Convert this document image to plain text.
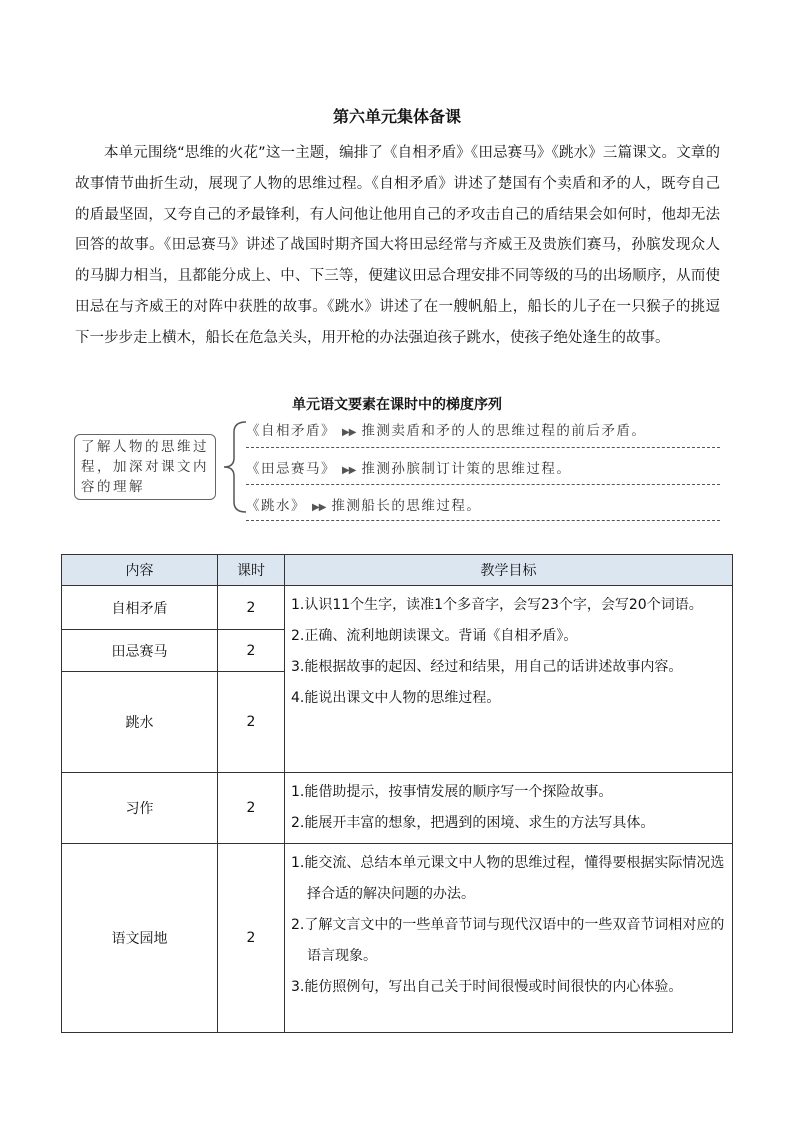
第六单元集体备课

本单元围绕“思维的火花”这一主题，编排了《自相矛盾》《田忌赛马》《跳水》三篇课文。文章的故事情节曲折生动，展现了人物的思维过程。《自相矛盾》讲述了楚国有个卖盾和矛的人，既夸自己的盾最坚固，又夸自己的矛最锋利，有人问他让他用自己的矛攻击自己的盾结果会如何时，他却无法回答的故事。《田忌赛马》讲述了战国时期齐国大将田忌经常与齐威王及贵族们赛马，孙膑发现众人的马脚力相当，且都能分成上、中、下三等，便建议田忌合理安排不同等级的马的出场顺序，从而使田忌在与齐威王的对阵中获胜的故事。《跳水》讲述了在一艘帆船上，船长的儿子在一只猴子的挑逗下一步步走上横木，船长在危急关头，用开枪的办法强迫孩子跳水，使孩子绝处逢生的故事。

单元语文要素在课时中的梯度序列
了解人物的思维过程，加深对课文内容的理解
《自相矛盾》 ▶▶ 推测卖盾和矛的人的思维过程的前后矛盾。
《田忌赛马》 ▶▶ 推测孙膑制订计策的思维过程。
《跳水》 ▶▶ 推测船长的思维过程。
内容	课时	教学目标
自相矛盾	2	1.认识11个生字，读准1个多音字，会写23个字，会写20个词语。

2.正确、流利地朗读课文。背诵《自相矛盾》。

3.能根据故事的起因、经过和结果，用自己的话讲述故事内容。

4.能说出课文中人物的思维过程。

田忌赛马	2	
跳水	2	
习作	2	1.能借助提示，按事情发展的顺序写一个探险故事。

2.能展开丰富的想象，把遇到的困境、求生的方法写具体。

语文园地	2	1.能交流、总结本单元课文中人物的思维过程，懂得要根据实际情况选择合适的解决问题的办法。

2.了解文言文中的一些单音节词与现代汉语中的一些双音节词相对应的语言现象。

3.能仿照例句，写出自己关于时间很慢或时间很快的内心体验。
